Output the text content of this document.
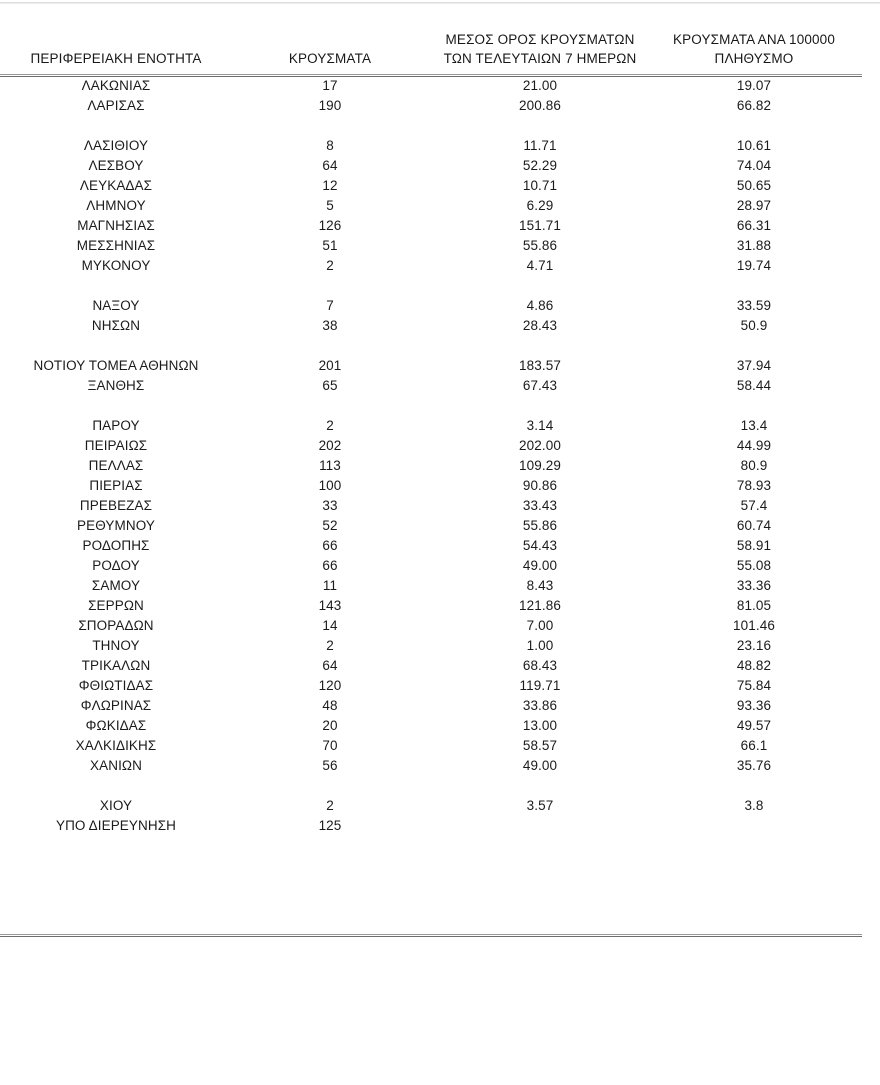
ΠΕΡΙΦΕΡΕΙΑΚΗ ΕΝΟΤΗΤΑ	ΚΡΟΥΣΜΑΤΑ	ΜΕΣΟΣ ΟΡΟΣ ΚΡΟΥΣΜΑΤΩΝ
ΤΩΝ ΤΕΛΕΥΤΑΙΩΝ 7 ΗΜΕΡΩΝ	ΚΡΟΥΣΜΑΤΑ ΑΝΑ 100000
ΠΛΗΘΥΣΜΟ

ΛΑΚΩΝΙΑΣ	17	21.00	19.07
ΛΑΡΙΣΑΣ	190	200.86	66.82

ΛΑΣΙΘΙΟΥ	8	11.71	10.61
ΛΕΣΒΟΥ	64	52.29	74.04
ΛΕΥΚΑΔΑΣ	12	10.71	50.65
ΛΗΜΝΟΥ	5	6.29	28.97
ΜΑΓΝΗΣΙΑΣ	126	151.71	66.31
ΜΕΣΣΗΝΙΑΣ	51	55.86	31.88
ΜΥΚΟΝΟΥ	2	4.71	19.74

ΝΑΞΟΥ	7	4.86	33.59
ΝΗΣΩΝ	38	28.43	50.9

ΝΟΤΙΟΥ ΤΟΜΕΑ ΑΘΗΝΩΝ	201	183.57	37.94
ΞΑΝΘΗΣ	65	67.43	58.44

ΠΑΡΟΥ	2	3.14	13.4
ΠΕΙΡΑΙΩΣ	202	202.00	44.99
ΠΕΛΛΑΣ	113	109.29	80.9
ΠΙΕΡΙΑΣ	100	90.86	78.93
ΠΡΕΒΕΖΑΣ	33	33.43	57.4
ΡΕΘΥΜΝΟΥ	52	55.86	60.74
ΡΟΔΟΠΗΣ	66	54.43	58.91
ΡΟΔΟΥ	66	49.00	55.08
ΣΑΜΟΥ	11	8.43	33.36
ΣΕΡΡΩΝ	143	121.86	81.05
ΣΠΟΡΑΔΩΝ	14	7.00	101.46
ΤΗΝΟΥ	2	1.00	23.16
ΤΡΙΚΑΛΩΝ	64	68.43	48.82
ΦΘΙΩΤΙΔΑΣ	120	119.71	75.84
ΦΛΩΡΙΝΑΣ	48	33.86	93.36
ΦΩΚΙΔΑΣ	20	13.00	49.57
ΧΑΛΚΙΔΙΚΗΣ	70	58.57	66.1
ΧΑΝΙΩΝ	56	49.00	35.76

ΧΙΟΥ	2	3.57	3.8
ΥΠΟ ΔΙΕΡΕΥΝΗΣΗ	125		
